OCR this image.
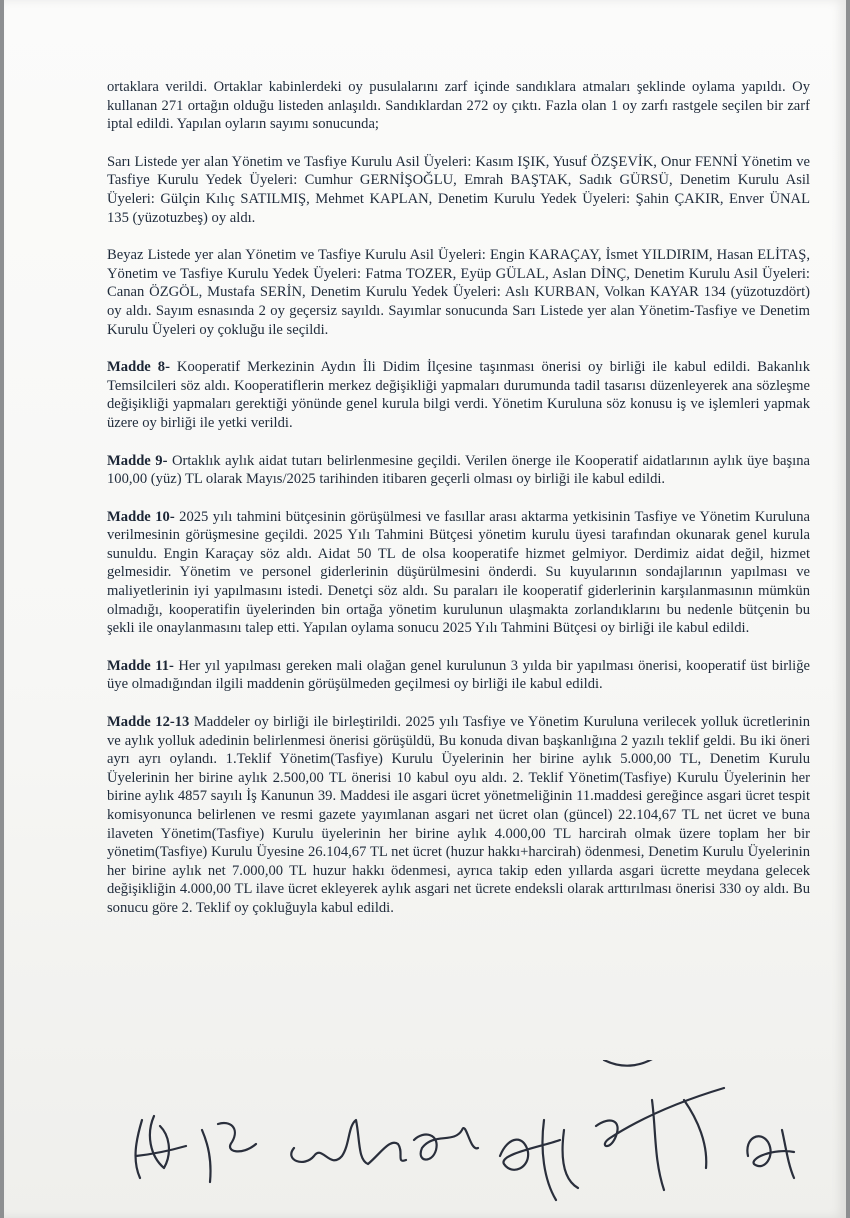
ortaklara verildi. Ortaklar kabinlerdeki oy pusulalarını zarf içinde sandıklara atmaları şeklinde oylama yapıldı. Oy kullanan 271 ortağın olduğu listeden anlaşıldı. Sandıklardan 272 oy çıktı. Fazla olan 1 oy zarfı rastgele seçilen bir zarf iptal edildi. Yapılan oyların sayımı sonucunda;

Sarı Listede yer alan Yönetim ve Tasfiye Kurulu Asil Üyeleri: Kasım IŞIK, Yusuf ÖZŞEVİK, Onur FENNİ Yönetim ve Tasfiye Kurulu Yedek Üyeleri: Cumhur GERNİŞOĞLU, Emrah BAŞTAK, Sadık GÜRSÜ, Denetim Kurulu Asil Üyeleri: Gülçin Kılıç SATILMIŞ, Mehmet KAPLAN, Denetim Kurulu Yedek Üyeleri: Şahin ÇAKIR, Enver ÜNAL 135 (yüzotuzbeş) oy aldı.

Beyaz Listede yer alan Yönetim ve Tasfiye Kurulu Asil Üyeleri: Engin KARAÇAY, İsmet YILDIRIM, Hasan ELİTAŞ, Yönetim ve Tasfiye Kurulu Yedek Üyeleri: Fatma TOZER, Eyüp GÜLAL, Aslan DİNÇ, Denetim Kurulu Asil Üyeleri: Canan ÖZGÖL, Mustafa SERİN, Denetim Kurulu Yedek Üyeleri: Aslı KURBAN, Volkan KAYAR 134 (yüzotuzdört) oy aldı. Sayım esnasında 2 oy geçersiz sayıldı. Sayımlar sonucunda Sarı Listede yer alan Yönetim-Tasfiye ve Denetim Kurulu Üyeleri oy çokluğu ile seçildi.

Madde 8- Kooperatif Merkezinin Aydın İli Didim İlçesine taşınması önerisi oy birliği ile kabul edildi. Bakanlık Temsilcileri söz aldı. Kooperatiflerin merkez değişikliği yapmaları durumunda tadil tasarısı düzenleyerek ana sözleşme değişikliği yapmaları gerektiği yönünde genel kurula bilgi verdi. Yönetim Kuruluna söz konusu iş ve işlemleri yapmak üzere oy birliği ile yetki verildi.

Madde 9- Ortaklık aylık aidat tutarı belirlenmesine geçildi. Verilen önerge ile Kooperatif aidatlarının aylık üye başına 100,00 (yüz) TL olarak Mayıs/2025 tarihinden itibaren geçerli olması oy birliği ile kabul edildi.

Madde 10- 2025 yılı tahmini bütçesinin görüşülmesi ve fasıllar arası aktarma yetkisinin Tasfiye ve Yönetim Kuruluna verilmesinin görüşmesine geçildi. 2025 Yılı Tahmini Bütçesi yönetim kurulu üyesi tarafından okunarak genel kurula sunuldu. Engin Karaçay söz aldı. Aidat 50 TL de olsa kooperatife hizmet gelmiyor. Derdimiz aidat değil, hizmet gelmesidir. Yönetim ve personel giderlerinin düşürülmesini önderdi. Su kuyularının sondajlarının yapılması ve maliyetlerinin iyi yapılmasını istedi. Denetçi söz aldı. Su paraları ile kooperatif giderlerinin karşılanmasının mümkün olmadığı, kooperatifin üyelerinden bin ortağa yönetim kurulunun ulaşmakta zorlandıklarını bu nedenle bütçenin bu şekli ile onaylanmasını talep etti. Yapılan oylama sonucu 2025 Yılı Tahmini Bütçesi oy birliği ile kabul edildi.

Madde 11- Her yıl yapılması gereken mali olağan genel kurulunun 3 yılda bir yapılması önerisi, kooperatif üst birliğe üye olmadığından ilgili maddenin görüşülmeden geçilmesi oy birliği ile kabul edildi.

Madde 12-13 Maddeler oy birliği ile birleştirildi. 2025 yılı Tasfiye ve Yönetim Kuruluna verilecek yolluk ücretlerinin ve aylık yolluk adedinin belirlenmesi önerisi görüşüldü, Bu konuda divan başkanlığına 2 yazılı teklif geldi. Bu iki öneri ayrı ayrı oylandı. 1.Teklif Yönetim(Tasfiye) Kurulu Üyelerinin her birine aylık 5.000,00 TL, Denetim Kurulu Üyelerinin her birine aylık 2.500,00 TL önerisi 10 kabul oyu aldı. 2. Teklif Yönetim(Tasfiye) Kurulu Üyelerinin her birine aylık 4857 sayılı İş Kanunun 39. Maddesi ile asgari ücret yönetmeliğinin 11.maddesi gereğince asgari ücret tespit komisyonunca belirlenen ve resmi gazete yayımlanan asgari net ücret olan (güncel) 22.104,67 TL net ücret ve buna ilaveten Yönetim(Tasfiye) Kurulu üyelerinin her birine aylık 4.000,00 TL harcirah olmak üzere toplam her bir yönetim(Tasfiye) Kurulu Üyesine 26.104,67 TL net ücret (huzur hakkı+harcirah) ödenmesi, Denetim Kurulu Üyelerinin her birine aylık net 7.000,00 TL huzur hakkı ödenmesi, ayrıca takip eden yıllarda asgari ücrette meydana gelecek değişikliğin 4.000,00 TL ilave ücret ekleyerek aylık asgari net ücrete endeksli olarak arttırılması önerisi 330 oy aldı. Bu sonucu göre 2. Teklif oy çokluğuyla kabul edildi.
